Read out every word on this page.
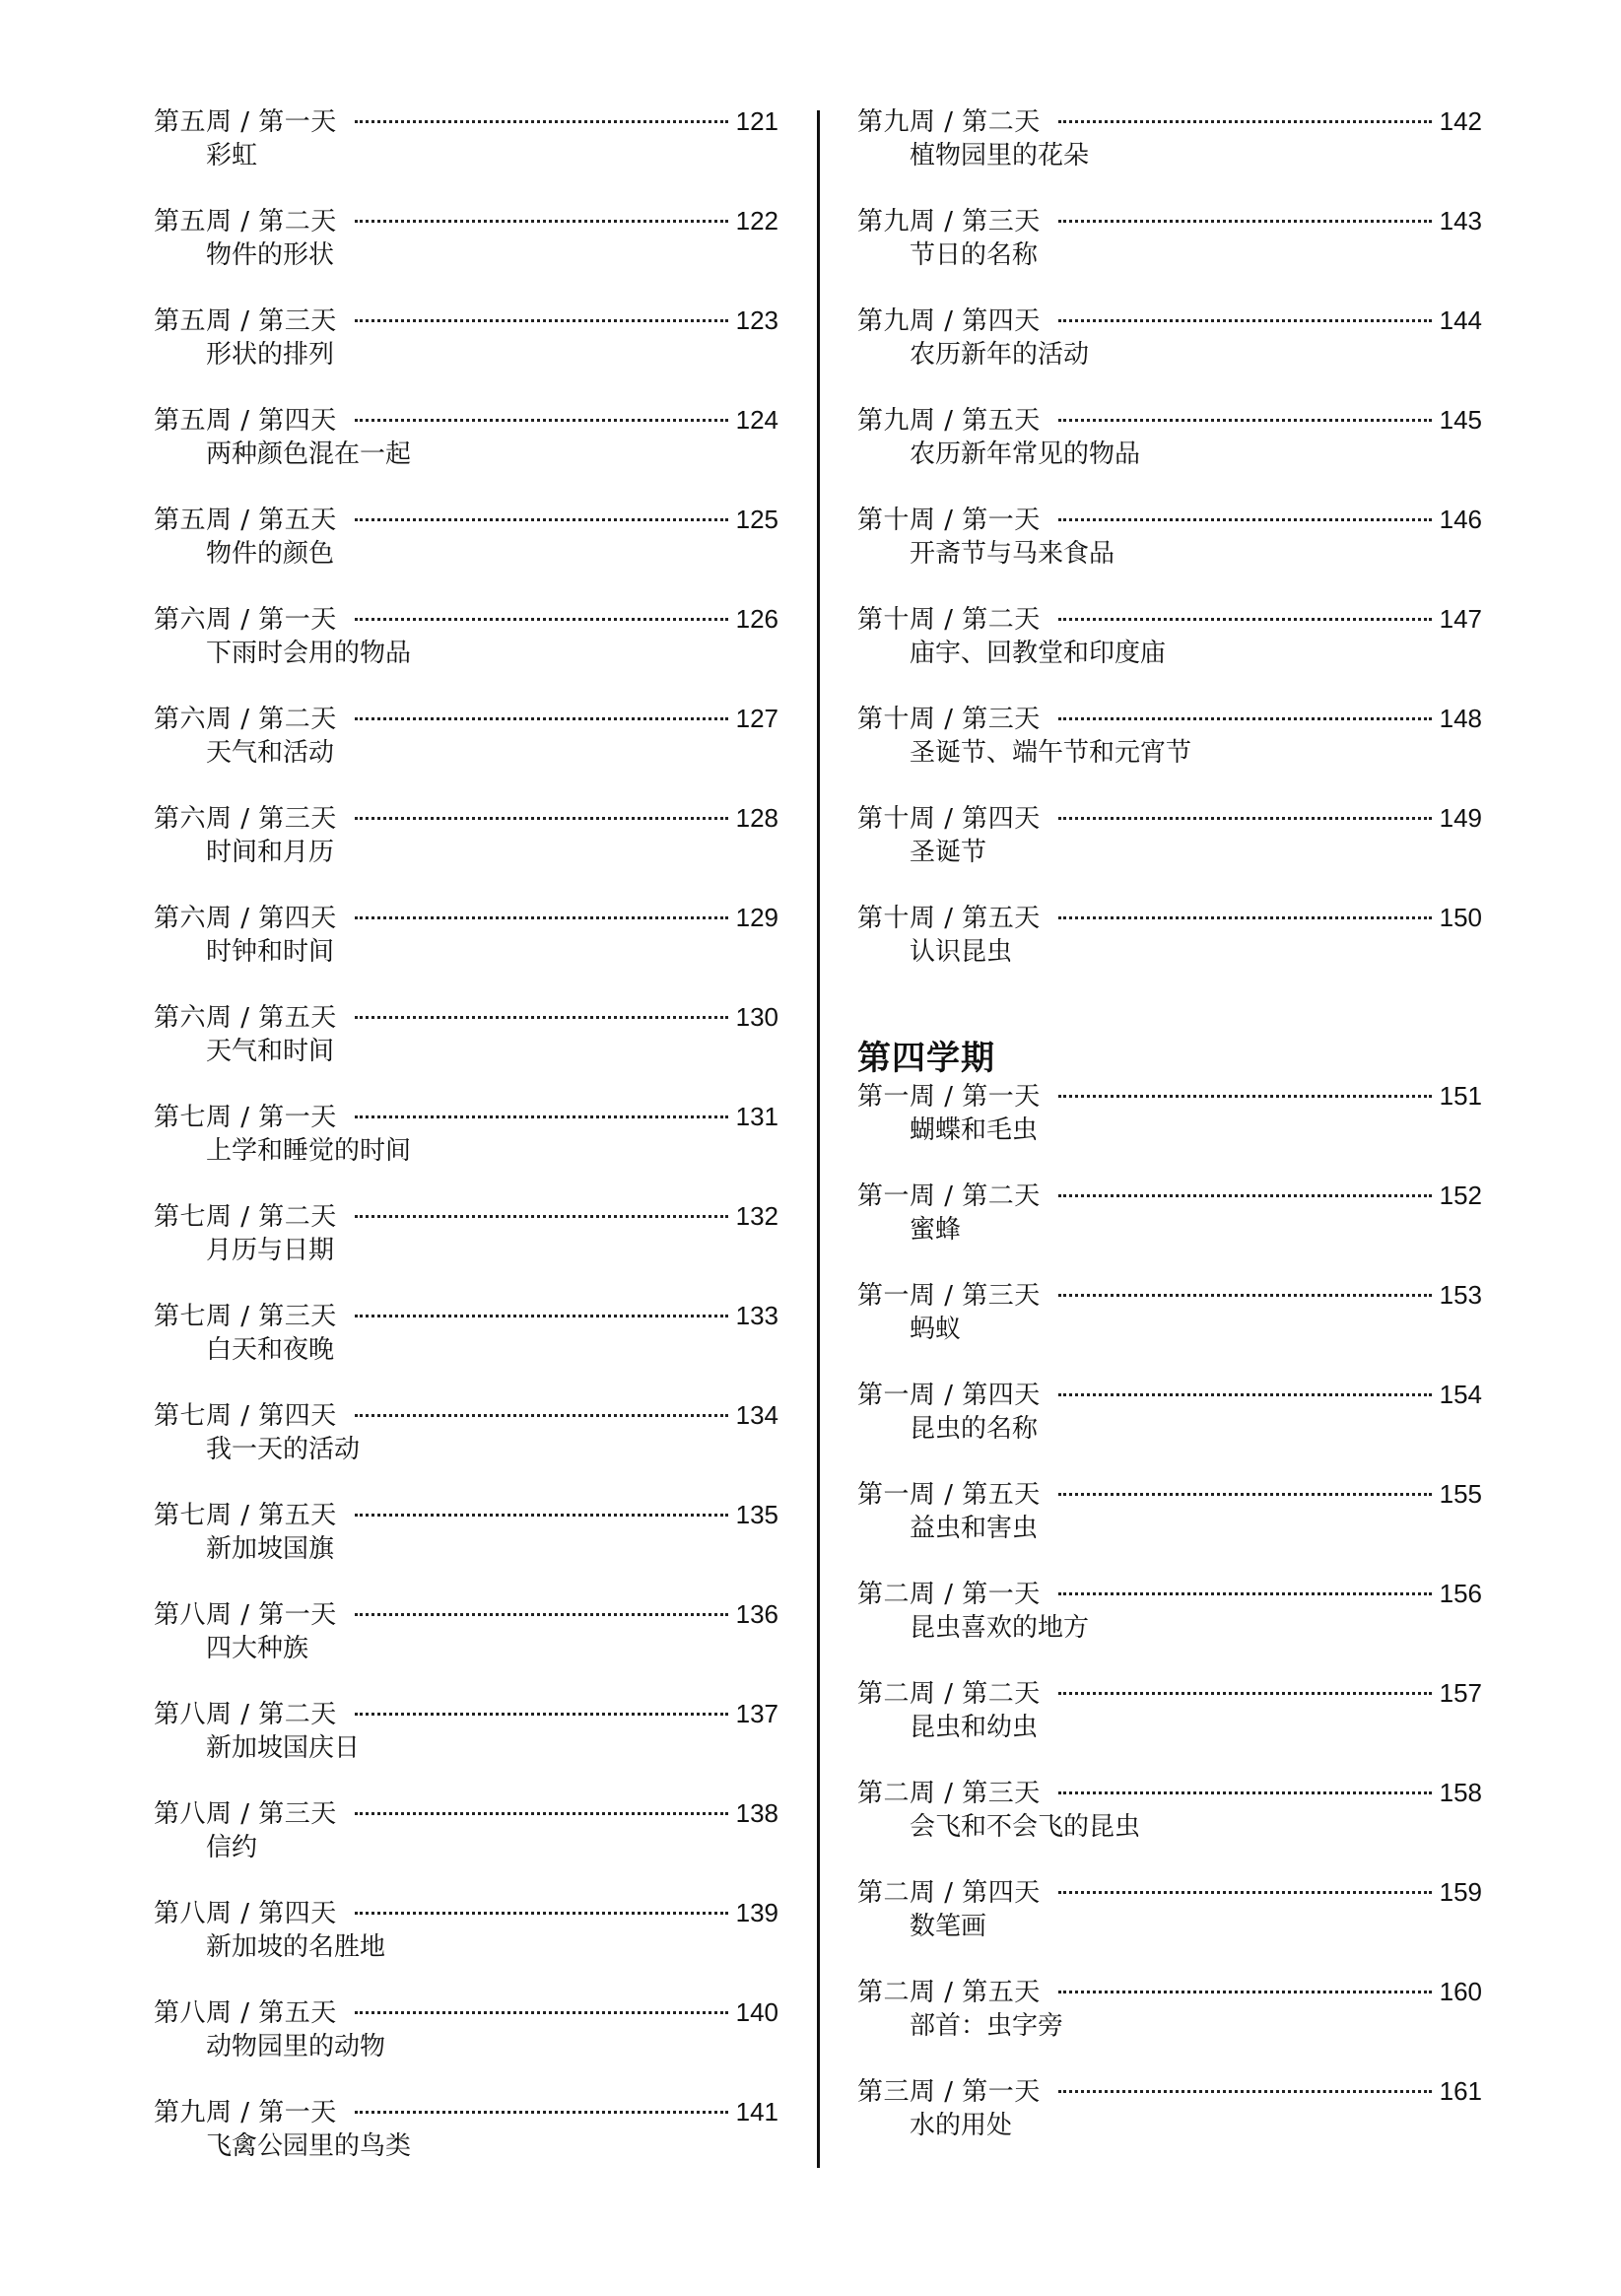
第五周 / 第一天	121
彩虹
第五周 / 第二天	122
物件的形状
第五周 / 第三天	123
形状的排列
第五周 / 第四天	124
两种颜色混在一起
第五周 / 第五天	125
物件的颜色
第六周 / 第一天	126
下雨时会用的物品
第六周 / 第二天	127
天气和活动
第六周 / 第三天	128
时间和月历
第六周 / 第四天	129
时钟和时间
第六周 / 第五天	130
天气和时间
第七周 / 第一天	131
上学和睡觉的时间
第七周 / 第二天	132
月历与日期
第七周 / 第三天	133
白天和夜晚
第七周 / 第四天	134
我一天的活动
第七周 / 第五天	135
新加坡国旗
第八周 / 第一天	136
四大种族
第八周 / 第二天	137
新加坡国庆日
第八周 / 第三天	138
信约
第八周 / 第四天	139
新加坡的名胜地
第八周 / 第五天	140
动物园里的动物
第九周 / 第一天	141
飞禽公园里的鸟类
第九周 / 第二天	142
植物园里的花朵
第九周 / 第三天	143
节日的名称
第九周 / 第四天	144
农历新年的活动
第九周 / 第五天	145
农历新年常见的物品
第十周 / 第一天	146
开斋节与马来食品
第十周 / 第二天	147
庙宇、回教堂和印度庙
第十周 / 第三天	148
圣诞节、端午节和元宵节
第十周 / 第四天	149
圣诞节
第十周 / 第五天	150
认识昆虫
第四学期
第一周 / 第一天	151
蝴蝶和毛虫
第一周 / 第二天	152
蜜蜂
第一周 / 第三天	153
蚂蚁
第一周 / 第四天	154
昆虫的名称
第一周 / 第五天	155
益虫和害虫
第二周 / 第一天	156
昆虫喜欢的地方
第二周 / 第二天	157
昆虫和幼虫
第二周 / 第三天	158
会飞和不会飞的昆虫
第二周 / 第四天	159
数笔画
第二周 / 第五天	160
部首：虫字旁
第三周 / 第一天	161
水的用处
